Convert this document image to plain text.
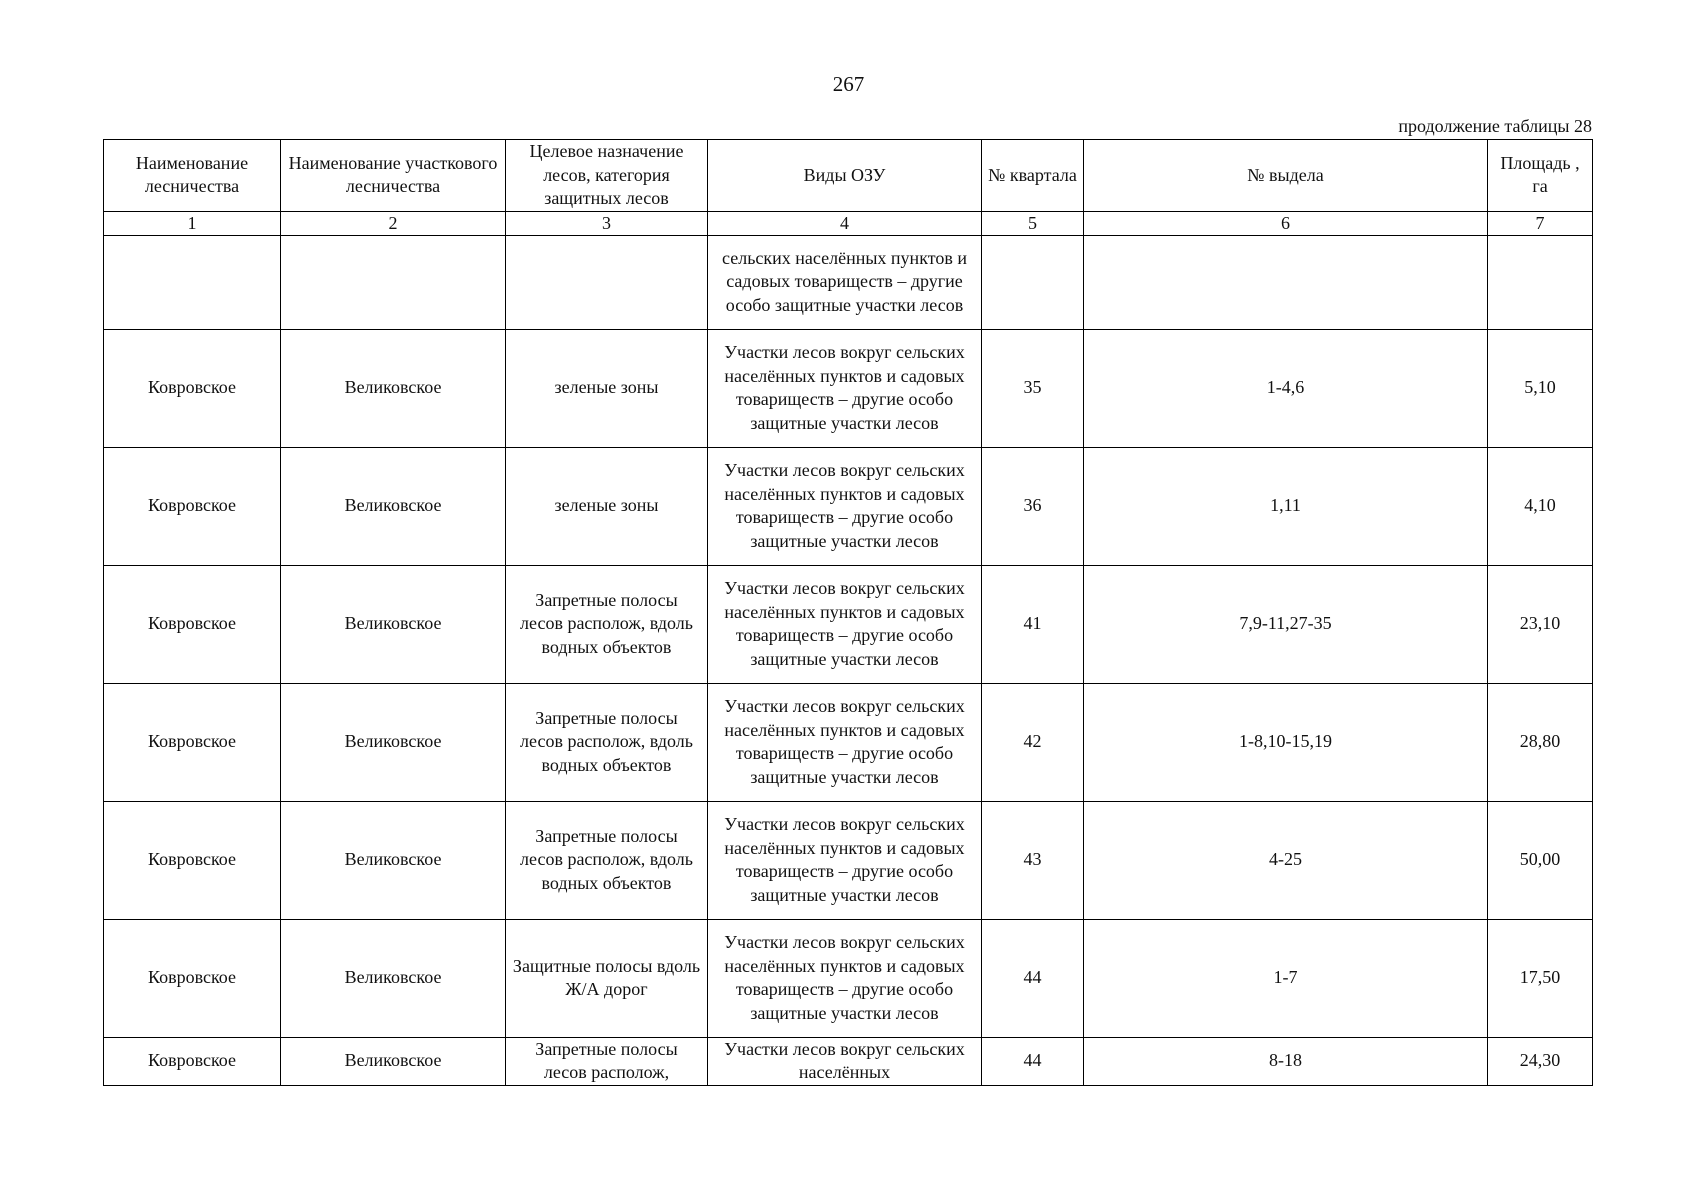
267
продолжение таблицы 28
Наименование лесничества	Наименование участкового лесничества	Целевое назначение лесов, категория защитных лесов	Виды ОЗУ	№ квартала	№ выдела	Площадь , га
1	2	3	4	5	6	7
			сельских населённых пунктов и садовых товариществ – другие особо защитные участки лесов			
Ковровское	Великовское	зеленые зоны	Участки лесов вокруг сельских населённых пунктов и садовых товариществ – другие особо защитные участки лесов	35	1-4,6	5,10
Ковровское	Великовское	зеленые зоны	Участки лесов вокруг сельских населённых пунктов и садовых товариществ – другие особо защитные участки лесов	36	1,11	4,10
Ковровское	Великовское	Запретные полосы лесов располож, вдоль водных объектов	Участки лесов вокруг сельских населённых пунктов и садовых товариществ – другие особо защитные участки лесов	41	7,9-11,27-35	23,10
Ковровское	Великовское	Запретные полосы лесов располож, вдоль водных объектов	Участки лесов вокруг сельских населённых пунктов и садовых товариществ – другие особо защитные участки лесов	42	1-8,10-15,19	28,80
Ковровское	Великовское	Запретные полосы лесов располож, вдоль водных объектов	Участки лесов вокруг сельских населённых пунктов и садовых товариществ – другие особо защитные участки лесов	43	4-25	50,00
Ковровское	Великовское	Защитные полосы вдоль Ж/А дорог	Участки лесов вокруг сельских населённых пунктов и садовых товариществ – другие особо защитные участки лесов	44	1-7	17,50
Ковровское	Великовское	Запретные полосы лесов располож,	Участки лесов вокруг сельских населённых	44	8-18	24,30
